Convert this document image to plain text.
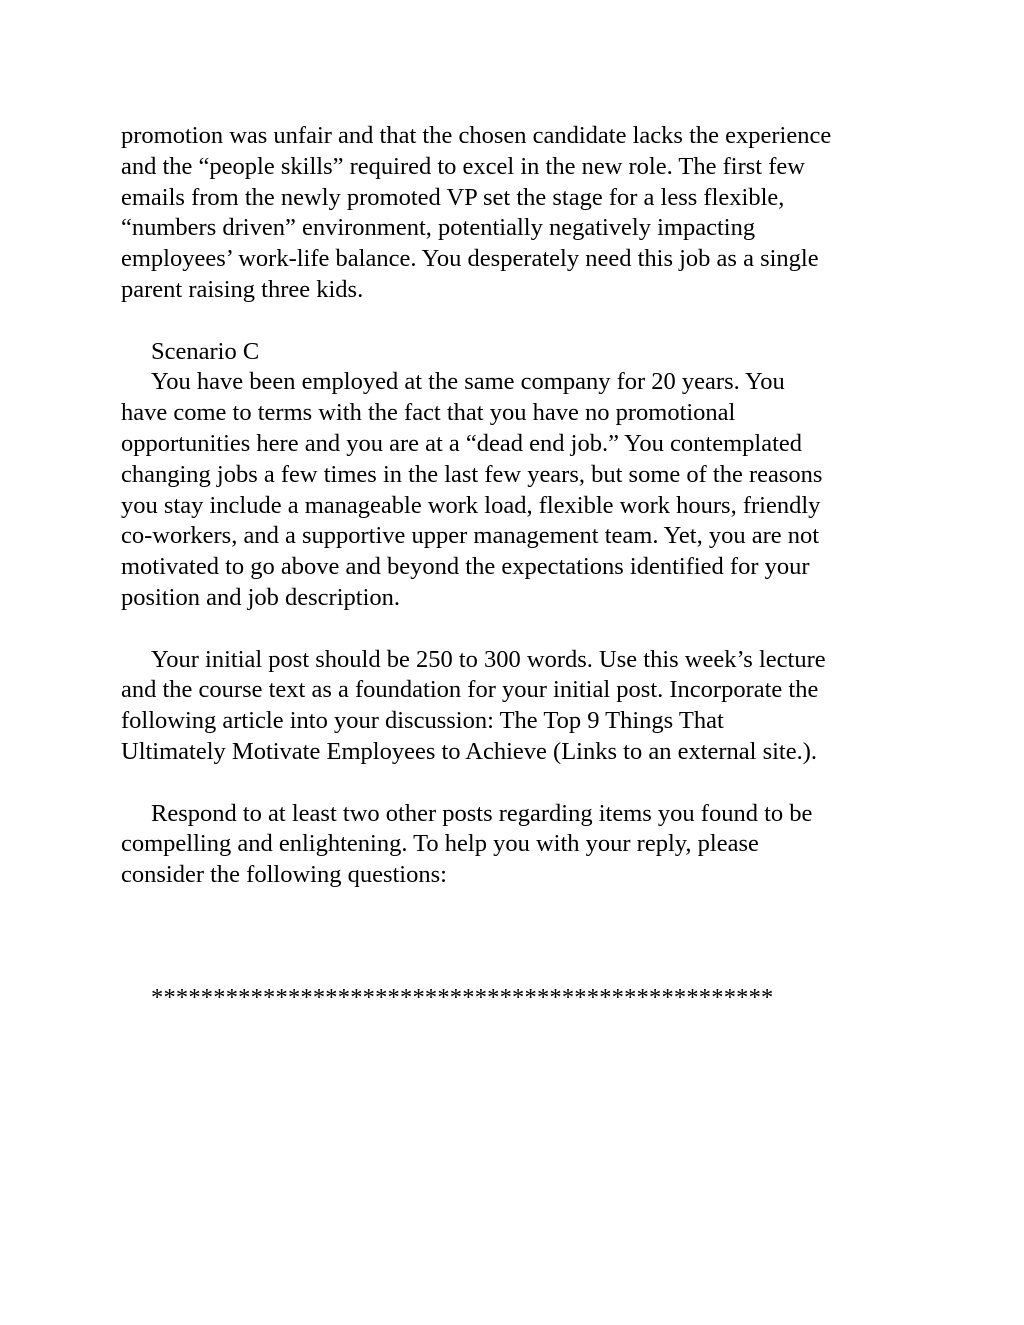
promotion was unfair and that the chosen candidate lacks the experience
and the “people skills” required to excel in the new role. The first few
emails from the newly promoted VP set the stage for a less flexible,
“numbers driven” environment, potentially negatively impacting
employees’ work-life balance. You desperately need this job as a single
parent raising three kids.
Scenario C
You have been employed at the same company for 20 years. You
have come to terms with the fact that you have no promotional
opportunities here and you are at a “dead end job.” You contemplated
changing jobs a few times in the last few years, but some of the reasons
you stay include a manageable work load, flexible work hours, friendly
co-workers, and a supportive upper management team. Yet, you are not
motivated to go above and beyond the expectations identified for your
position and job description.
Your initial post should be 250 to 300 words. Use this week’s lecture
and the course text as a foundation for your initial post. Incorporate the
following article into your discussion: The Top 9 Things That
Ultimately Motivate Employees to Achieve (Links to an external site.).
Respond to at least two other posts regarding items you found to be
compelling and enlightening. To help you with your reply, please
consider the following questions:
**************************************************
